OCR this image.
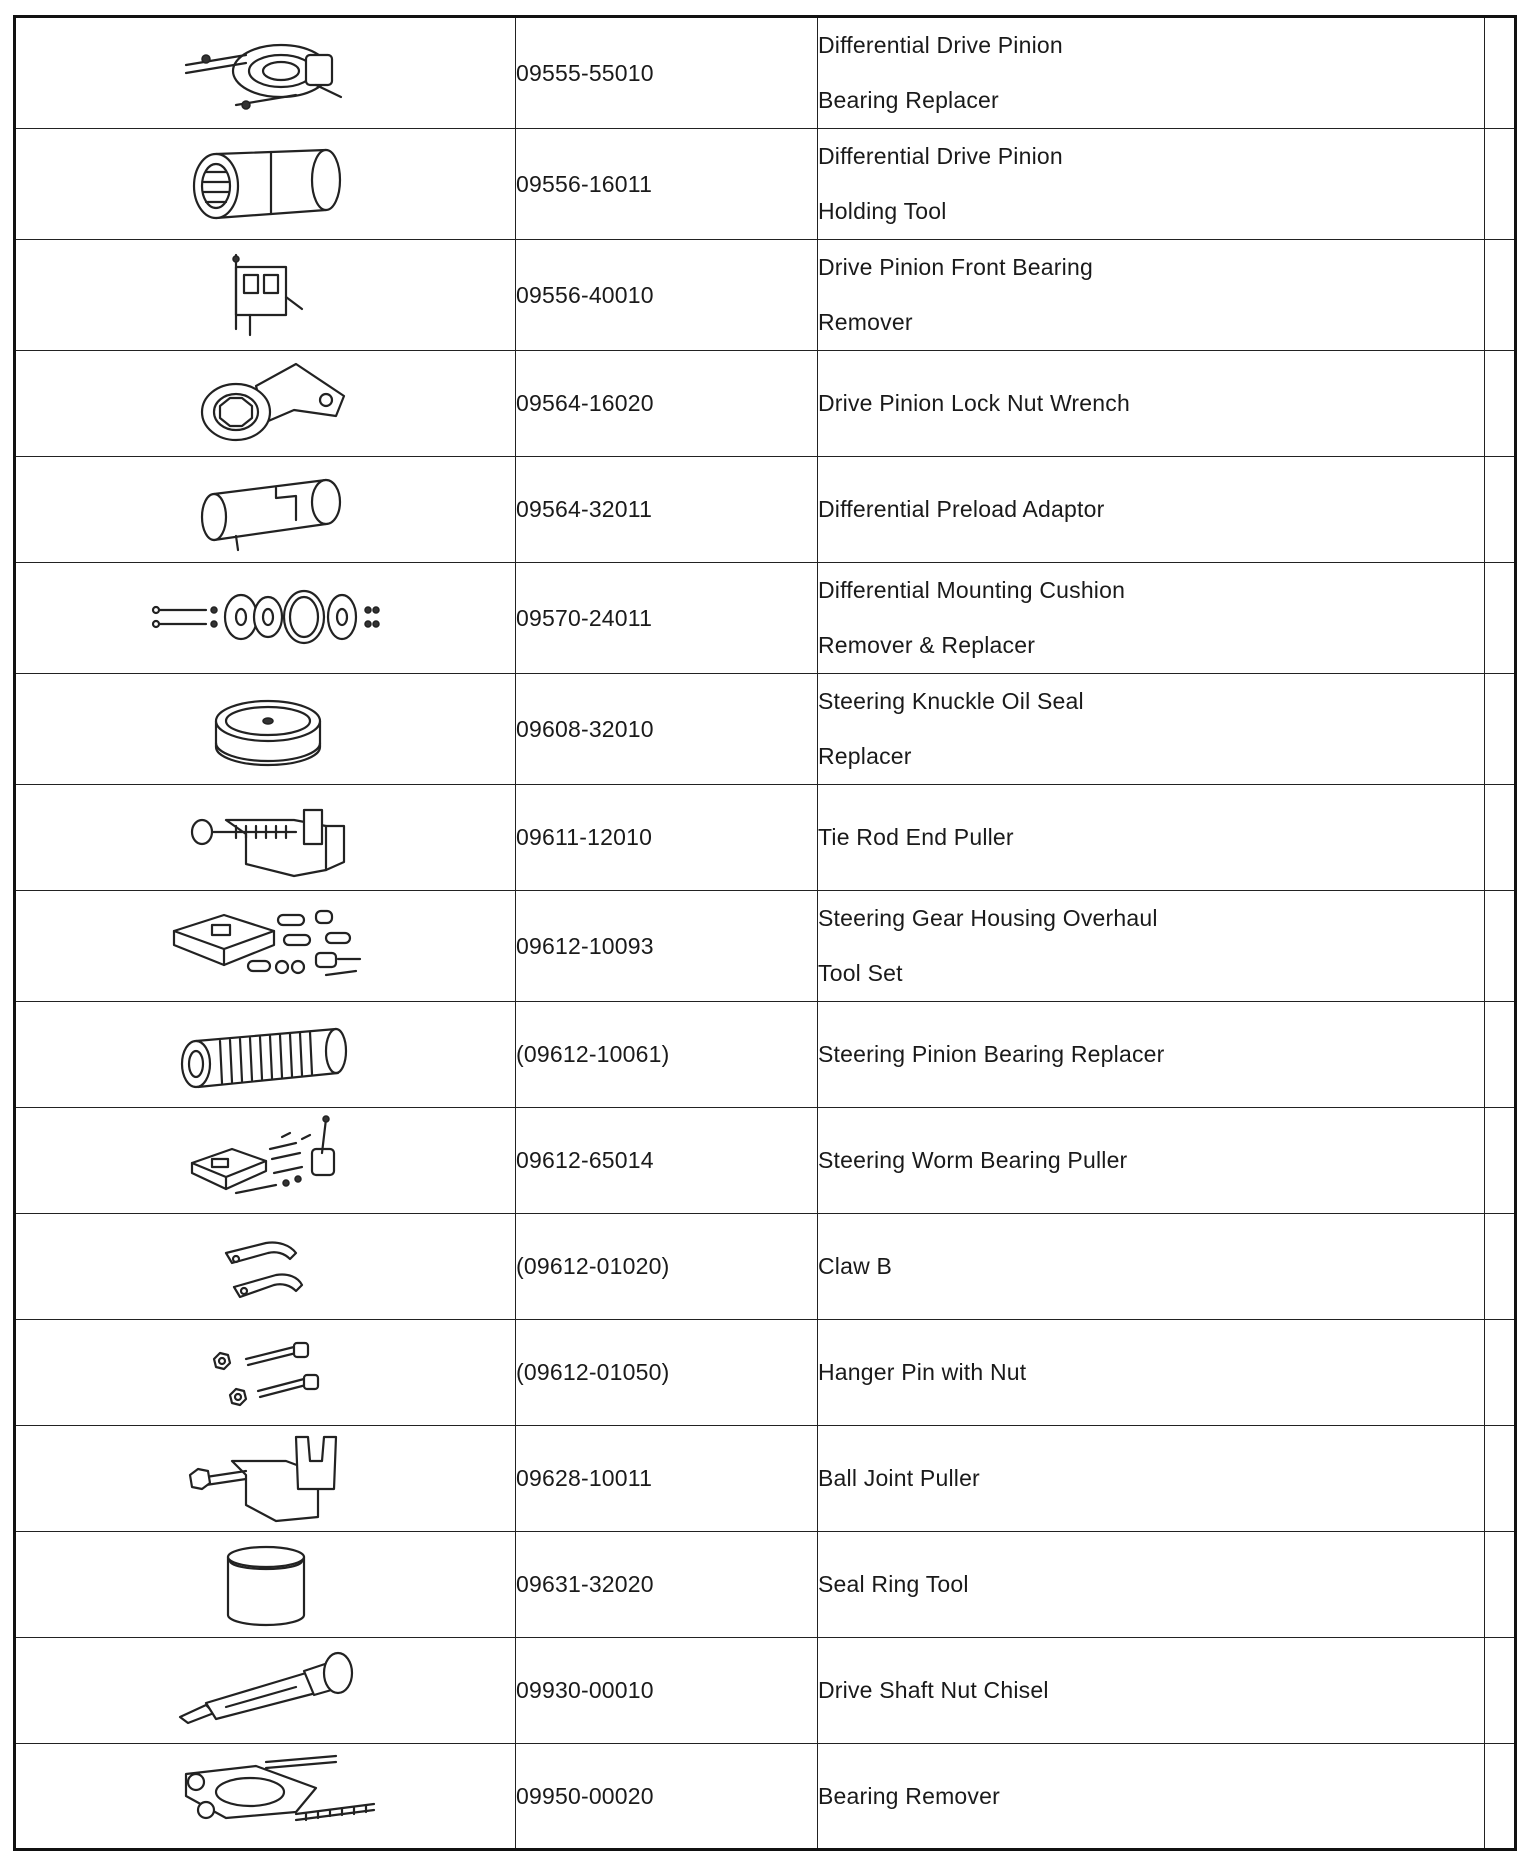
	09555-55010	Differential Drive Pinion
Bearing Replacer	

	09556-16011	Differential Drive Pinion
Holding Tool	

	09556-40010	Drive Pinion Front Bearing
Remover	

	09564-16020	Drive Pinion Lock Nut Wrench	

	09564-32011	Differential Preload Adaptor	

	09570-24011	Differential Mounting Cushion
Remover & Replacer	

	09608-32010	Steering Knuckle Oil Seal
Replacer	

	09611-12010	Tie Rod End Puller	

	09612-10093	Steering Gear Housing Overhaul
Tool Set	

	(09612-10061)	Steering Pinion Bearing Replacer	

	09612-65014	Steering Worm Bearing Puller	

	(09612-01020)	Claw B	

	(09612-01050)	Hanger Pin with Nut	

	09628-10011	Ball Joint Puller	

	09631-32020	Seal Ring Tool	

	09930-00010	Drive Shaft Nut Chisel	

	09950-00020	Bearing Remover	
